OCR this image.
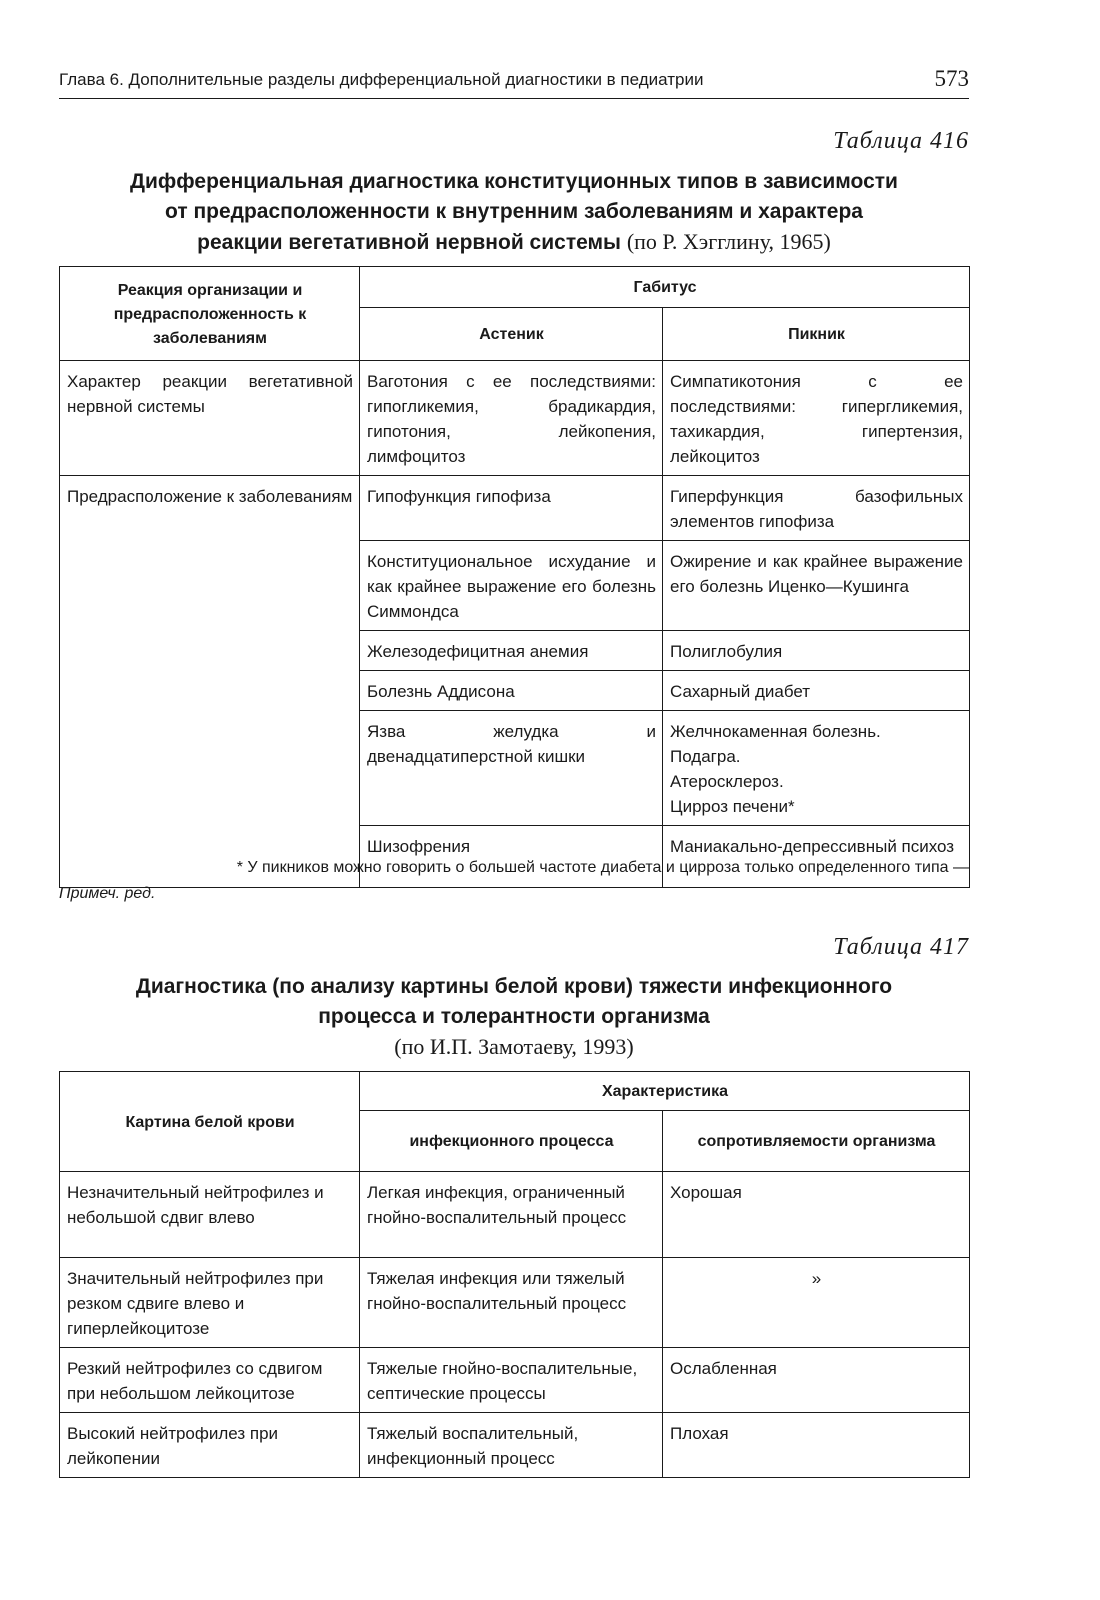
Глава 6. Дополнительные разделы дифференциальной диагностики в педиатрии	573
Таблица 416
Дифференциальная диагностика конституционных типов в зависимости
от предрасположенности к внутренним заболеваниям и характера
реакции вегетативной нервной системы (по Р. Хэгглину, 1965)
Реакция организации и предрасположенность к заболеваниям	Габитус	
	Астеник	Пикник
Характер реакции вегетативной нервной системы	Ваготония с ее последствиями: гипогликемия, брадикардия, гипотония, лейкопения, лимфоцитоз	Симпатикотония с ее последствиями: гипергликемия, тахикардия, гипертензия, лейкоцитоз
Предрасположение к заболеваниям	Гипофункция гипофиза	Гиперфункция базофильных элементов гипофиза
	Конституциональное исхудание и как крайнее выражение его болезнь Симмондса	Ожирение и как крайнее выражение его болезнь Иценко—Кушинга
	Железодефицитная анемия	Полиглобулия
	Болезнь Аддисона	Сахарный диабет
	Язва желудка и двенадцатиперстной кишки	Желчнокаменная болезнь.
Подагра.
Атеросклероз.
Цирроз печени*
	Шизофрения	Маниакально-депрессивный психоз
* У пикников можно говорить о большей частоте диабета и цирроза только определенного типа —
Примеч. ред.
Таблица 417
Диагностика (по анализу картины белой крови) тяжести инфекционного
процесса и толерантности организма
(по И.П. Замотаеву, 1993)
Картина белой крови	Характеристика	
	инфекционного процесса	сопротивляемости организма
Незначительный нейтрофилез и небольшой сдвиг влево	Легкая инфекция, ограниченный гнойно-воспалительный процесс	Хорошая
Значительный нейтрофилез при резком сдвиге влево и гиперлейкоцитозе	Тяжелая инфекция или тяжелый гнойно-воспалительный процесс	»
Резкий нейтрофилез со сдвигом при небольшом лейкоцитозе	Тяжелые гнойно-воспалительные, септические процессы	Ослабленная
Высокий нейтрофилез при лейкопении	Тяжелый воспалительный, инфекционный процесс	Плохая
